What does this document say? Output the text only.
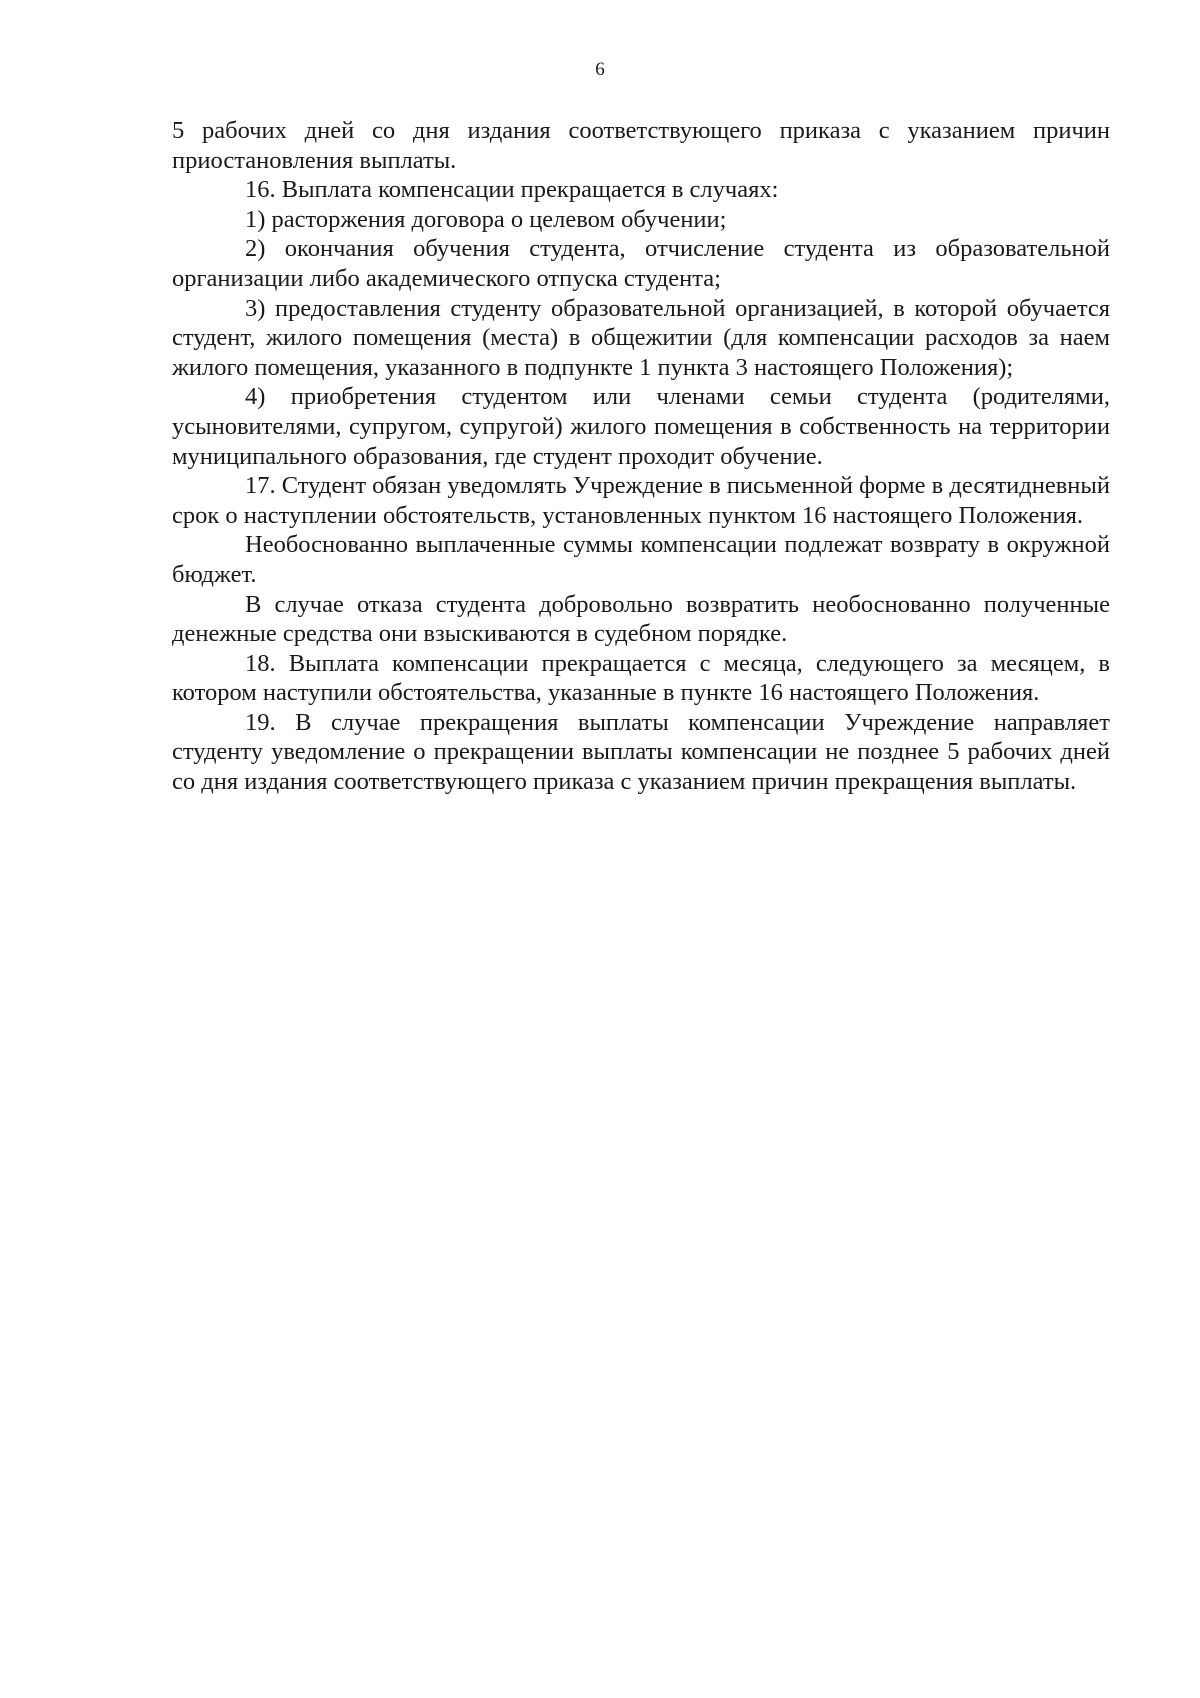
6

5 рабочих дней со дня издания соответствующего приказа с указанием причин приостановления выплаты.

16. Выплата компенсации прекращается в случаях:

1) расторжения договора о целевом обучении;

2) окончания обучения студента, отчисление студента из образовательной организации либо академического отпуска студента;

3) предоставления студенту образовательной организацией, в которой обучается студент, жилого помещения (места) в общежитии (для компенсации расходов за наем жилого помещения, указанного в подпункте 1 пункта 3 настоящего Положения);

4) приобретения студентом или членами семьи студента (родителями, усыновителями, супругом, супругой) жилого помещения в собственность на территории муниципального образования, где студент проходит обучение.

17. Студент обязан уведомлять Учреждение в письменной форме в десятидневный срок о наступлении обстоятельств, установленных пунктом 16 настоящего Положения.

Необоснованно выплаченные суммы компенсации подлежат возврату в окружной бюджет.

В случае отказа студента добровольно возвратить необоснованно полученные денежные средства они взыскиваются в судебном порядке.

18. Выплата компенсации прекращается с месяца, следующего за месяцем, в котором наступили обстоятельства, указанные в пункте 16 настоящего Положения.

19. В случае прекращения выплаты компенсации Учреждение направляет студенту уведомление о прекращении выплаты компенсации не позднее 5 рабочих дней со дня издания соответствующего приказа с указанием причин прекращения выплаты.
